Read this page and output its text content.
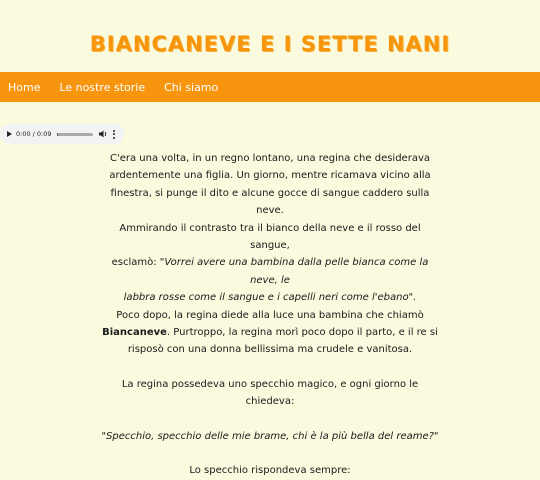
BIANCANEVE E I SETTE NANI
Home Le nostre storie Chi siamo
0:00 / 0:09

C'era una volta, in un regno lontano, una regina che desiderava
ardentemente una figlia. Un giorno, mentre ricamava vicino alla
finestra, si punge il dito e alcune gocce di sangue caddero sulla neve.
Ammirando il contrasto tra il bianco della neve e il rosso del sangue,
esclamò: "Vorrei avere una bambina dalla pelle bianca come la neve, le
labbra rosse come il sangue e i capelli neri come l'ebano".
Poco dopo, la regina diede alla luce una bambina che chiamò
Biancaneve. Purtroppo, la regina morì poco dopo il parto, e il re si
risposò con una donna bellissima ma crudele e vanitosa.

La regina possedeva uno specchio magico, e ogni giorno le chiedeva:

"Specchio, specchio delle mie brame, chi è la più bella del reame?"

Lo specchio rispondeva sempre:
